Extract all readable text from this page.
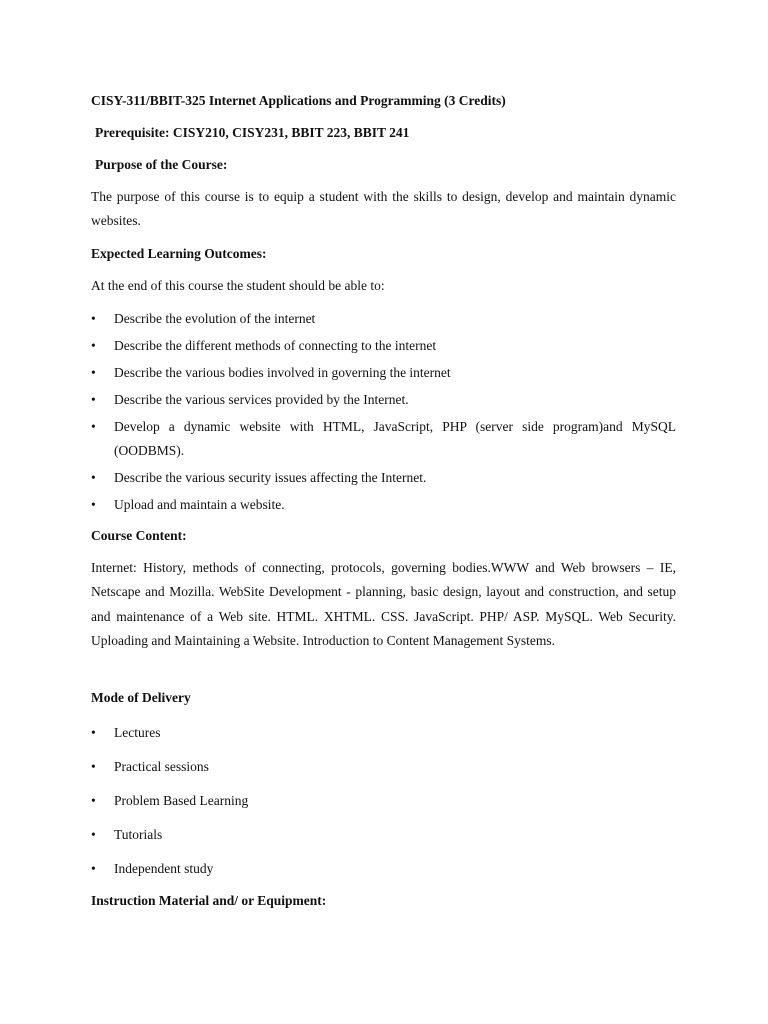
CISY-311/BBIT-325 Internet Applications and Programming (3 Credits)
Prerequisite: CISY210, CISY231, BBIT 223, BBIT 241
Purpose of the Course:
The purpose of this course is to equip a student with the skills to design, develop and maintain dynamic websites.
Expected Learning Outcomes:
At the end of this course the student should be able to:
•	Describe the evolution of the internet
•	Describe the different methods of connecting to the internet
•	Describe the various bodies involved in governing the internet
•	Describe the various services provided by the Internet.
•	Develop a dynamic website with HTML, JavaScript, PHP (server side program)and MySQL (OODBMS).
•	Describe the various security issues affecting the Internet.
•	Upload and maintain a website.
Course Content:
Internet: History, methods of connecting, protocols, governing bodies.WWW and Web browsers – IE, Netscape and Mozilla. WebSite Development - planning, basic design, layout and construction, and setup and maintenance of a Web site. HTML. XHTML. CSS. JavaScript. PHP/ ASP. MySQL. Web Security. Uploading and Maintaining a Website. Introduction to Content Management Systems.
Mode of Delivery
•	Lectures
•	Practical sessions
•	Problem Based Learning
•	Tutorials
•	Independent study
Instruction Material and/ or Equipment:
